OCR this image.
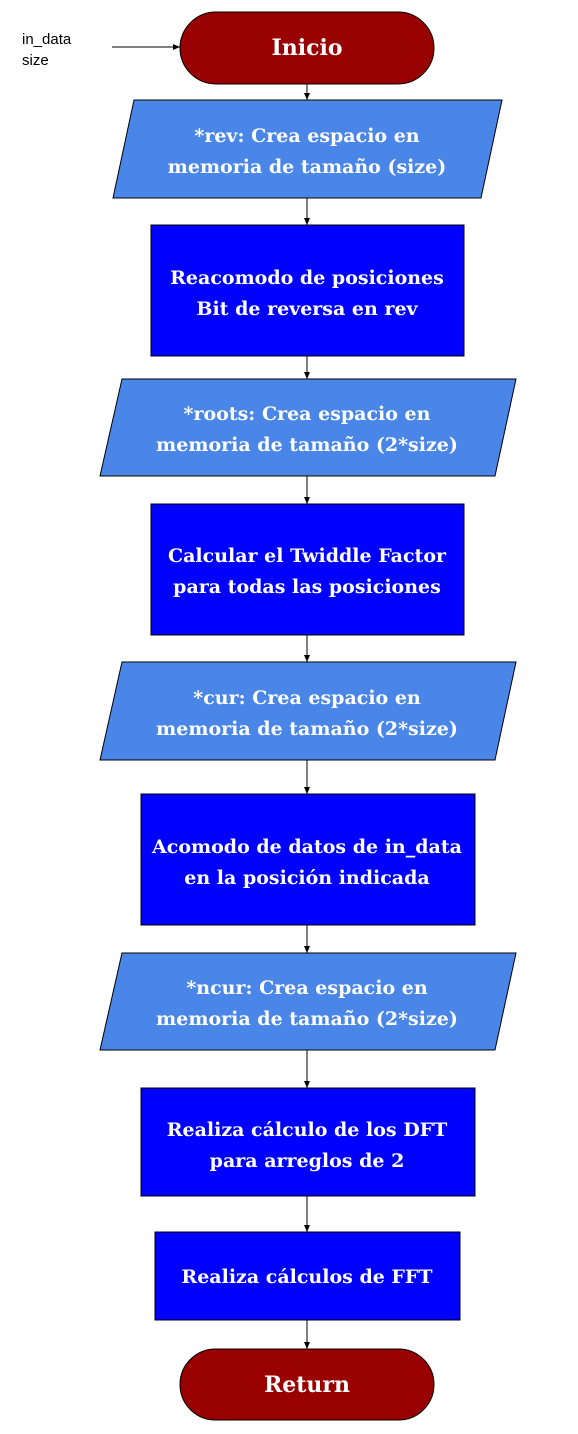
in_data
size	Inicio
*rev: Crea espacio en
memoria de tamaño (size)
Reacomodo de posiciones
Bit de reversa en rev
*roots: Crea espacio en
memoria de tamaño (2*size)
Calcular el Twiddle Factor
para todas las posiciones
*cur: Crea espacio en
memoria de tamaño (2*size)
Acomodo de datos de in_data
en la posición indicada
*ncur: Crea espacio en
memoria de tamaño (2*size)
Realiza cálculo de los DFT
para arreglos de 2
Realiza cálculos de FFT
Return
